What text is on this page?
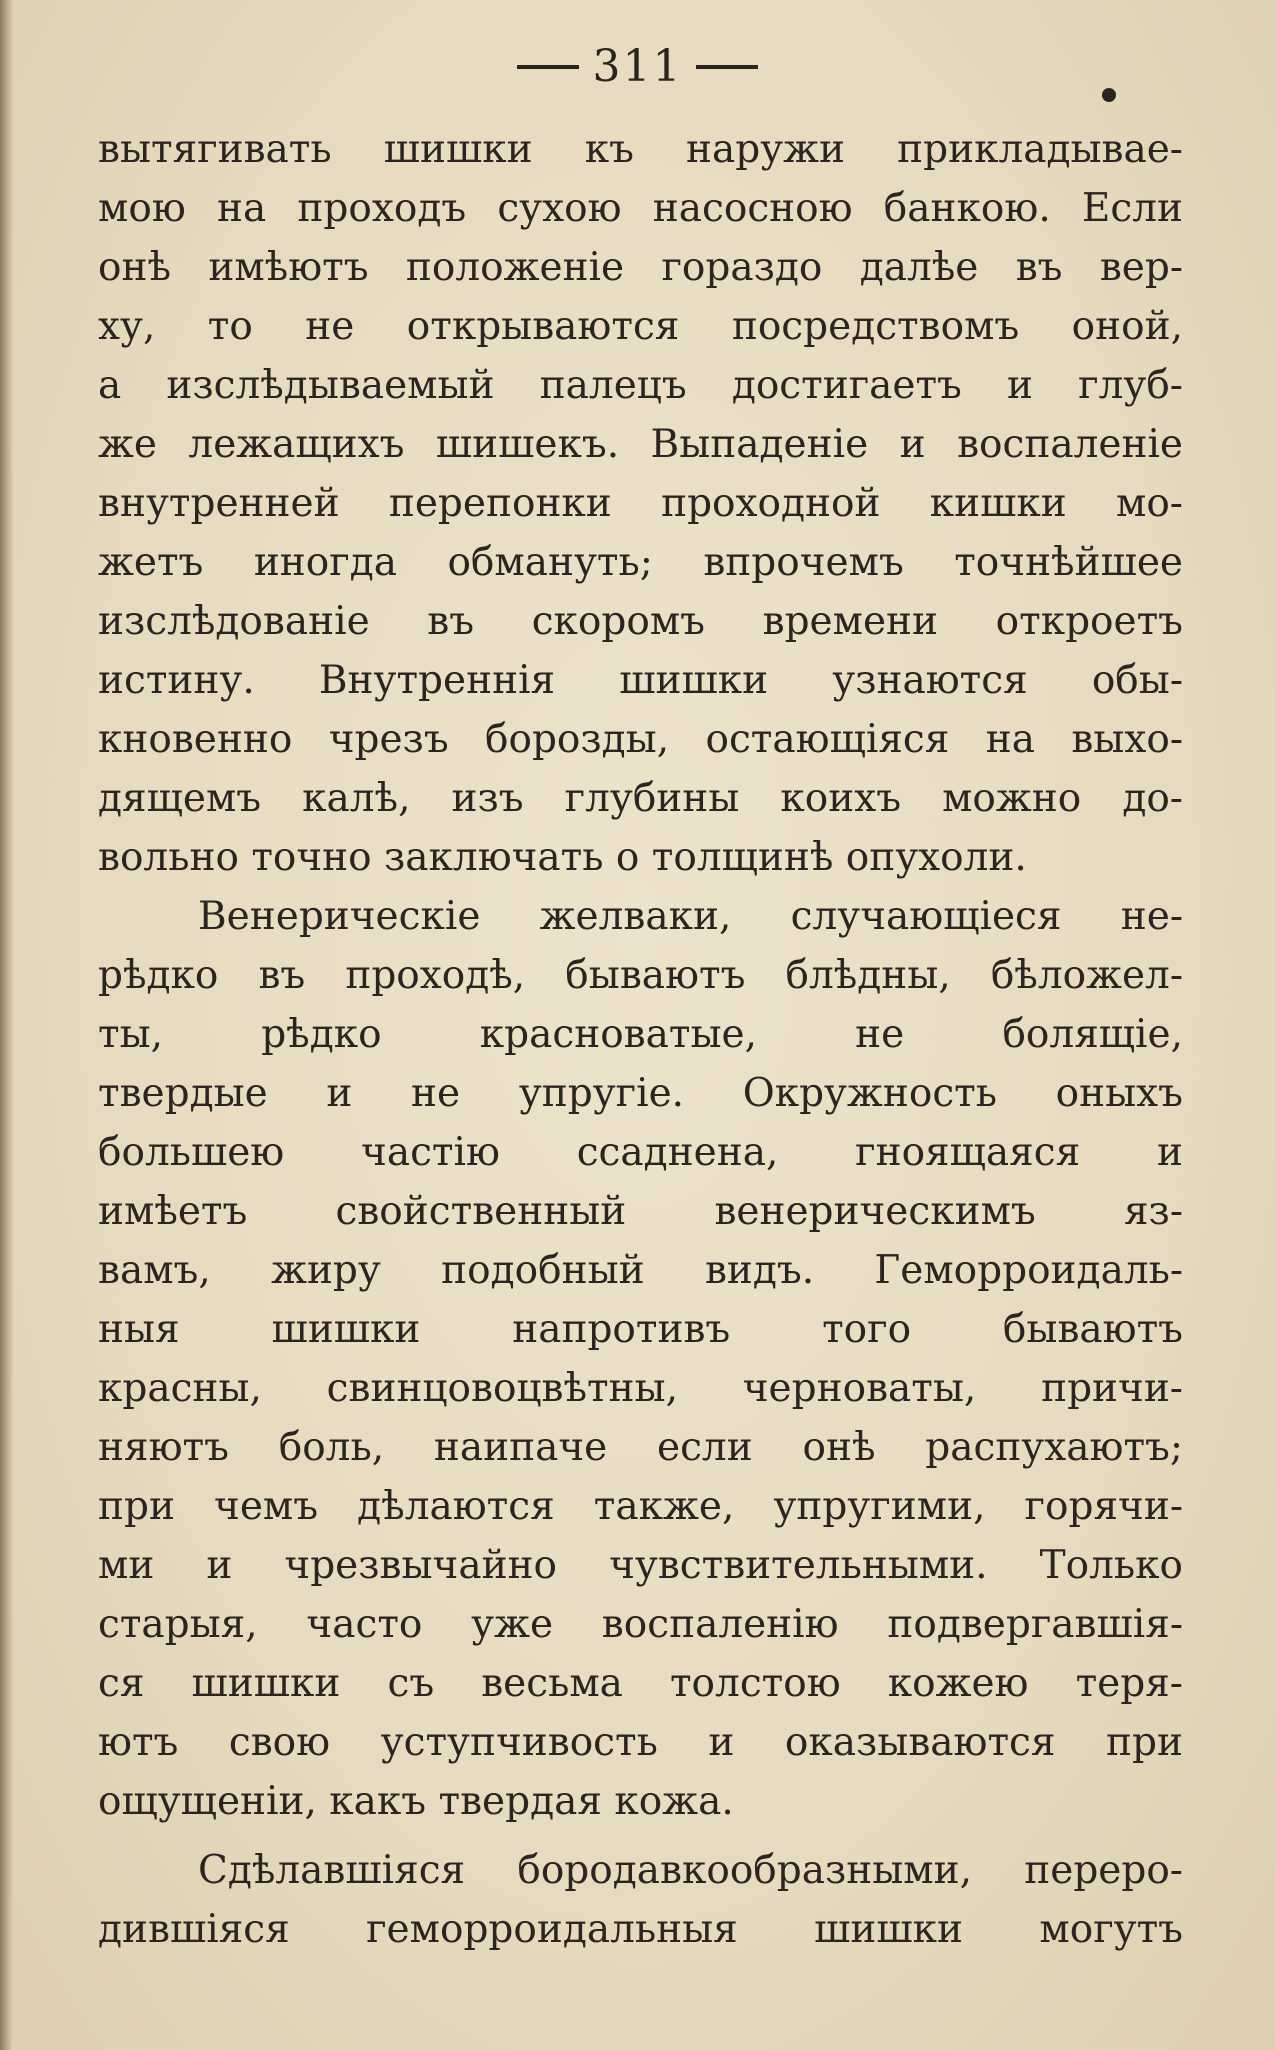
311
вытягивать шишки къ наружи прикладывае-
мою на проходъ сухою насосною банкою. Если
онѣ имѣютъ положеніе гораздо далѣе въ вер-
ху, то не открываются посредствомъ оной,
а изслѣдываемый палецъ достигаетъ и глуб-
же лежащихъ шишекъ. Выпаденіе и воспаленіе
внутренней перепонки проходной кишки мо-
жетъ иногда обмануть; впрочемъ точнѣйшее
изслѣдованіе въ скоромъ времени откроетъ
истину. Внутреннія шишки узнаются обы-
кновенно чрезъ борозды, остающіяся на выхо-
дящемъ калѣ, изъ глубины коихъ можно до-
вольно точно заключать о толщинѣ опухоли.
Венерическіе желваки, случающіеся не-
рѣдко въ проходѣ, бываютъ блѣдны, бѣложел-
ты, рѣдко красноватые, не болящіе,
твердые и не упругіе. Окружность оныхъ
большею частію ссаднена, гноящаяся и
имѣетъ свойственный венерическимъ яз-
вамъ, жиру подобный видъ. Геморроидаль-
ныя шишки напротивъ того бываютъ
красны, свинцовоцвѣтны, черноваты, причи-
няютъ боль, наипаче если онѣ распухаютъ;
при чемъ дѣлаются также, упругими, горячи-
ми и чрезвычайно чувствительными. Только
старыя, часто уже воспаленію подвергавшія-
ся шишки съ весьма толстою кожею теря-
ютъ свою уступчивость и оказываются при
ощущеніи, какъ твердая кожа.
Сдѣлавшіяся бородавкообразными, переро-
дившіяся геморроидальныя шишки могутъ
